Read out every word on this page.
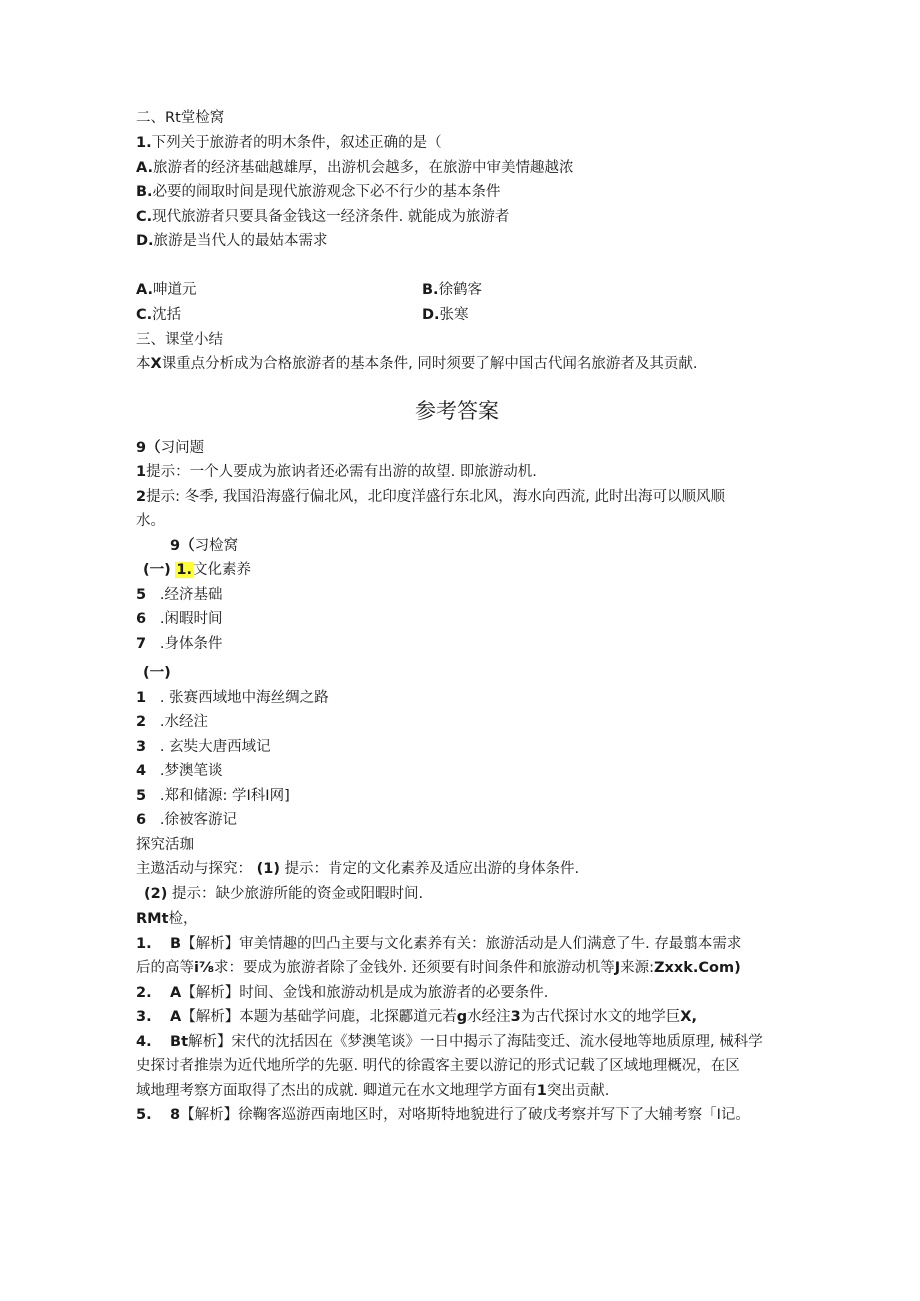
二、Rt堂检窝
1.下列关于旅游者的明木条件，叙述正确的是（
A.旅游者的经济基础越雄厚，出游机会越多，在旅游中审美情趣越浓
B.必要的闹取时间是现代旅游观念下必不行少的基本条件
C.现代旅游者只要具备金钱这一经济条件. 就能成为旅游者
D.旅游是当代人的最姑本需求
A.呻道元	B.徐鹤客
C.沈括	D.张寒
三、课堂小结
本X课重点分析成为合格旅游者的基本条件, 同时须要了解中国古代闻名旅游者及其贡献.
参考答案
9（习问题
1提示：一个人要成为旅讷者还必需有出游的故望. 即旅游动机.
2提示: 冬季, 我国沿海盛行偏北风，北印度洋盛行东北风，海水向西流, 此时出海可以顺风顺
水。
9（习检窝
(一) 1.文化素养
5 .经济基础
6 .闲暇时间
7 .身体条件
(一)
1 . 张赛西域地中海丝绸之路
2 .水经注
3 . 玄奘大唐西域记
4 .梦澳笔谈
5 .郑和储源: 学I科I网]
6 .徐被客游记
探究活珈
主遨活动与探究： (1) 提示：肯定的文化素养及适应出游的身体条件.
(2) 提示：缺少旅游所能的资金或阳暇时间.
RMt检，
1. B【解析】审美情趣的凹凸主要与文化素养有关：旅游活动是人们满意了牛. 存最翦本需求
后的高等i⅞求：要成为旅游者除了金钱外. 还须要有时间条件和旅游动机等J来源:Zxxk.Com)
2. A【解析】时间、金饯和旅游动机是成为旅游者的必要条件.
3. A【解析】本题为基础学问鹿，北探酈道元若g水经注3为古代探讨水文的地学巨X,
4. Bt解析】宋代的沈括因在《梦澳笔谈》一日中揭示了海陆变迁、流水侵地等地质原理, 械科学
史探讨者推崇为近代地所学的先驱. 明代的徐霞客主要以游记的形式记载了区域地理概况，在区
域地理考察方面取得了杰出的成就. 卿道元在水文地理学方面有1突出贡献.
5. 8【解析】徐鞠客巡游西南地区时，对咯斯特地貌进行了破戊考察并写下了大辅考察「I记。
